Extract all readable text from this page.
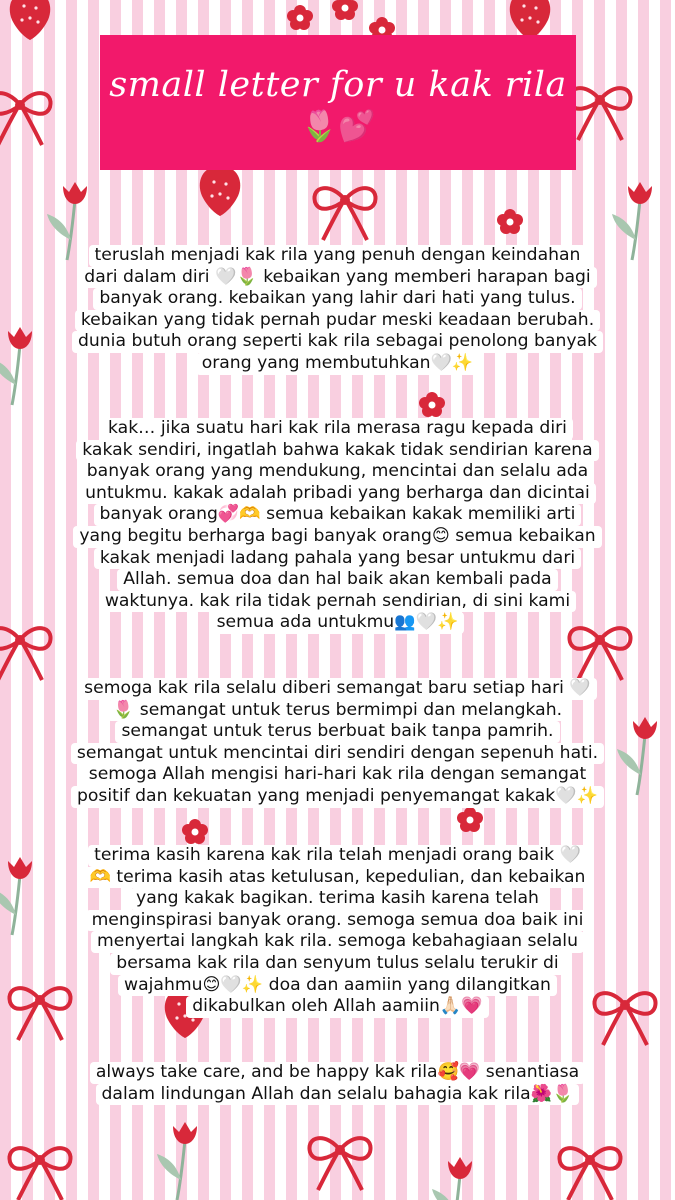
small letter for u kak rila
🌷💕

teruslah menjadi kak rila yang penuh dengan keindahan
dari dalam diri 🤍🌷 kebaikan yang memberi harapan bagi
banyak orang. kebaikan yang lahir dari hati yang tulus.
kebaikan yang tidak pernah pudar meski keadaan berubah.
dunia butuh orang seperti kak rila sebagai penolong banyak
orang yang membutuhkan🤍✨

kak… jika suatu hari kak rila merasa ragu kepada diri
kakak sendiri, ingatlah bahwa kakak tidak sendirian karena
banyak orang yang mendukung, mencintai dan selalu ada
untukmu. kakak adalah pribadi yang berharga dan dicintai
banyak orang💞🫶 semua kebaikan kakak memiliki arti
yang begitu berharga bagi banyak orang😊 semua kebaikan
kakak menjadi ladang pahala yang besar untukmu dari
Allah. semua doa dan hal baik akan kembali pada
waktunya. kak rila tidak pernah sendirian, di sini kami
semua ada untukmu👥🤍✨

semoga kak rila selalu diberi semangat baru setiap hari 🤍
🌷 semangat untuk terus bermimpi dan melangkah.
semangat untuk terus berbuat baik tanpa pamrih.
semangat untuk mencintai diri sendiri dengan sepenuh hati.
semoga Allah mengisi hari-hari kak rila dengan semangat
positif dan kekuatan yang menjadi penyemangat kakak🤍✨

terima kasih karena kak rila telah menjadi orang baik 🤍
🫶 terima kasih atas ketulusan, kepedulian, dan kebaikan
yang kakak bagikan. terima kasih karena telah
menginspirasi banyak orang. semoga semua doa baik ini
menyertai langkah kak rila. semoga kebahagiaan selalu
bersama kak rila dan senyum tulus selalu terukir di
wajahmu😊🤍✨ doa dan aamiin yang dilangitkan
dikabulkan oleh Allah aamiin🙏🏻💗

always take care, and be happy kak rila🥰💗 senantiasa
dalam lindungan Allah dan selalu bahagia kak rila🌺🌷
